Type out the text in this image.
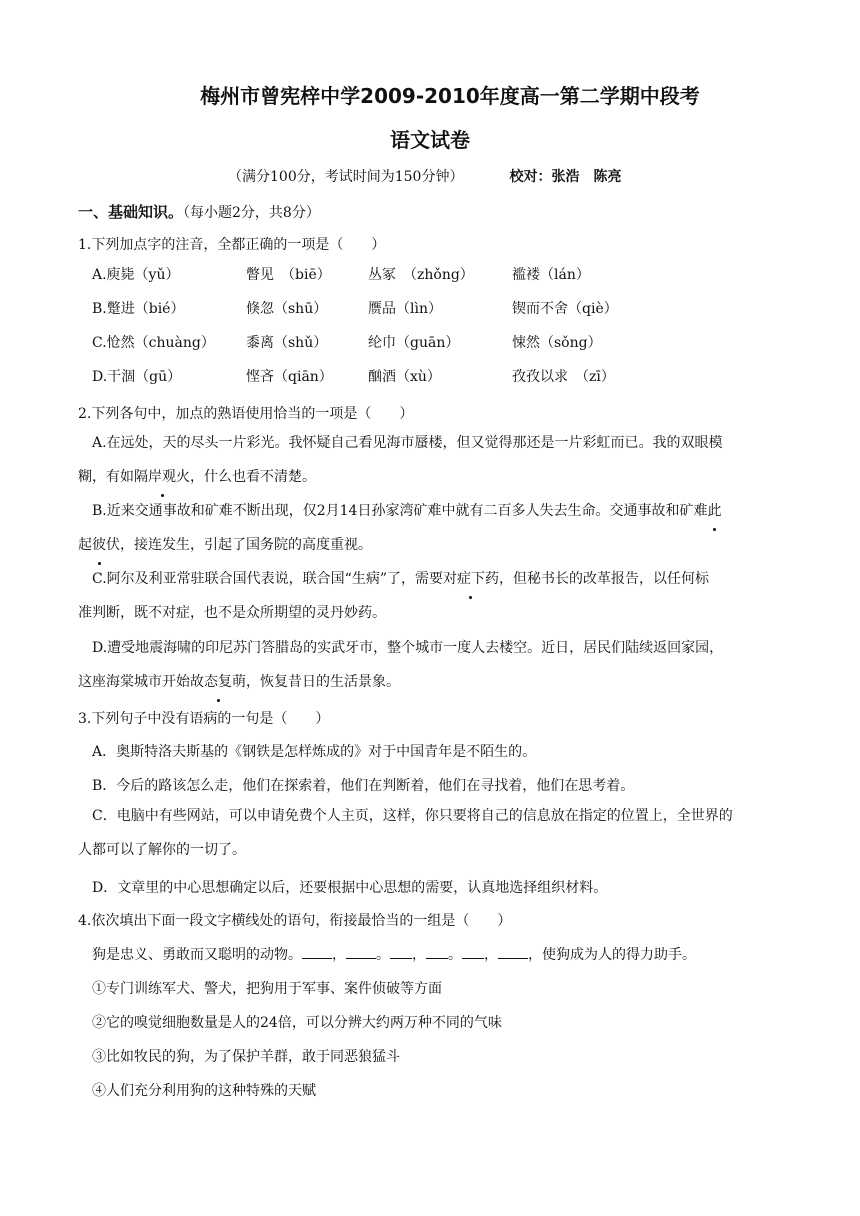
梅州市曾宪梓中学2009-2010年度高一第二学期中段考
语文试卷
（满分100分，考试时间为150分钟）	校对：张浩　陈亮
一、基础知识。（每小题2分，共8分）
1.下列加点字的注音，全都正确的一项是（　　）
A.庾毙（yǔ）	瞥见　（biē）	丛冢　（zhǒng）	褴褛（lán）
B.蹩进（bié）	倏忽（shū）	赝品（lìn）	锲而不舍（qiè）
C.怆然（chuàng） 黍离（shǔ）	纶巾（guān）	悚然（sǒng）
D.干涸（gū）	悭吝（qiān）	酗酒（xù）	孜孜以求　（zī）
2.下列各句中，加点的熟语使用恰当的一项是（　　）
A.在远处，天的尽头一片彩光。我怀疑自己看见海市蜃楼，但又觉得那还是一片彩虹而已。我的双眼模
糊，有如隔岸观火，什么也看不清楚。
B.近来交通事故和矿难不断出现，仅2月14日孙家湾矿难中就有二百多人失去生命。交通事故和矿难此
起彼伏，接连发生，引起了国务院的高度重视。
C.阿尔及利亚常驻联合国代表说，联合国“生病”了，需要对症下药，但秘书长的改革报告，以任何标
准判断，既不对症，也不是众所期望的灵丹妙药。
D.遭受地震海啸的印尼苏门答腊岛的实武牙市，整个城市一度人去楼空。近日，居民们陆续返回家园，
这座海棠城市开始故态复萌，恢复昔日的生活景象。
3.下列句子中没有语病的一句是（　　）
A．奥斯特洛夫斯基的《钢铁是怎样炼成的》对于中国青年是不陌生的。
B．今后的路该怎么走，他们在探索着，他们在判断着，他们在寻找着，他们在思考着。
C．电脑中有些网站，可以申请免费个人主页，这样，你只要将自己的信息放在指定的位置上，全世界的
人都可以了解你的一切了。
D．文章里的中心思想确定以后，还要根据中心思想的需要，认真地选择组织材料。
4.依次填出下面一段文字横线处的语句，衔接最恰当的一组是（　　）
狗是忠义、勇敢而又聪明的动物。 ， 。 ， 。 ， ，使狗成为人的得力助手。
①专门训练军犬、警犬，把狗用于军事、案件侦破等方面
②它的嗅觉细胞数量是人的24倍，可以分辨大约两万种不同的气味
③比如牧民的狗，为了保护羊群，敢于同恶狼猛斗
④人们充分利用狗的这种特殊的天赋
